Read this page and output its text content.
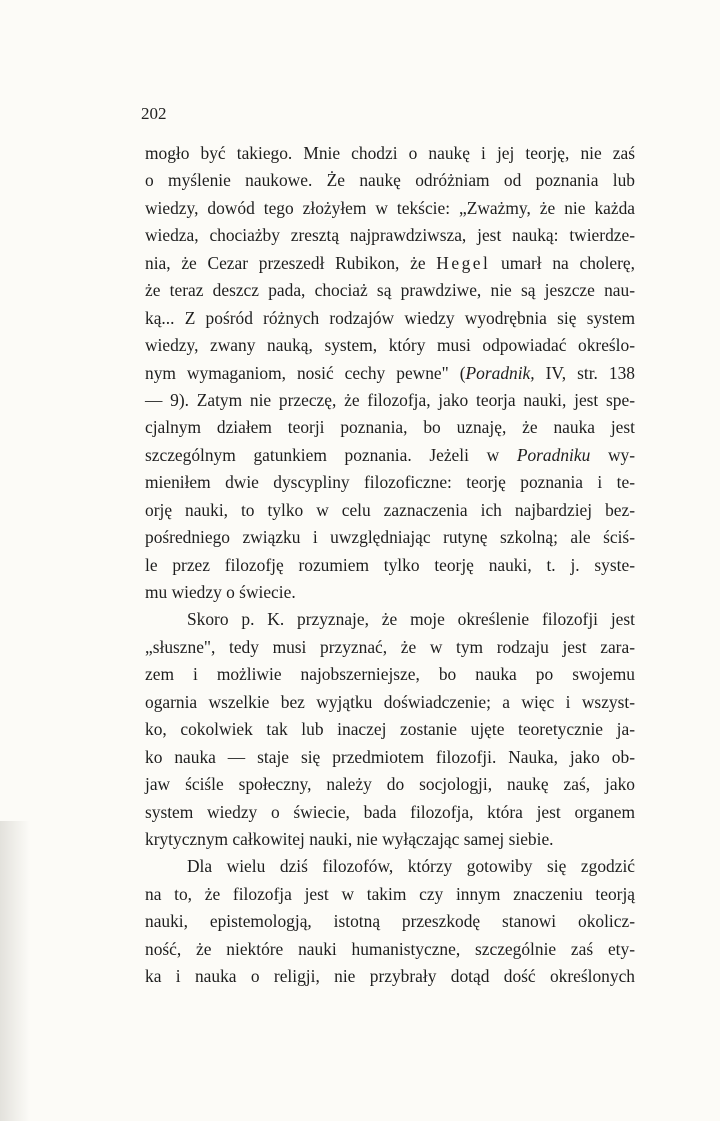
202
mogło być takiego. Mnie chodzi o naukę i jej teorję, nie zaś
o myślenie naukowe. Że naukę odróżniam od poznania lub
wiedzy, dowód tego złożyłem w tekście: „Zważmy, że nie każda
wiedza, chociażby zresztą najprawdziwsza, jest nauką: twierdze-
nia, że Cezar przeszedł Rubikon, że Hegel umarł na cholerę,
że teraz deszcz pada, chociaż są prawdziwe, nie są jeszcze nau-
ką... Z pośród różnych rodzajów wiedzy wyodrębnia się system
wiedzy, zwany nauką, system, który musi odpowiadać określo-
nym wymaganiom, nosić cechy pewne" (Poradnik, IV, str. 138
— 9). Zatym nie przeczę, że filozofja, jako teorja nauki, jest spe-
cjalnym działem teorji poznania, bo uznaję, że nauka jest
szczególnym gatunkiem poznania. Jeżeli w Poradniku wy-
mieniłem dwie dyscypliny filozoficzne: teorję poznania i te-
orję nauki, to tylko w celu zaznaczenia ich najbardziej bez-
pośredniego związku i uwzględniając rutynę szkolną; ale ściś-
le przez filozofję rozumiem tylko teorję nauki, t. j. syste-
mu wiedzy o świecie.
Skoro p. K. przyznaje, że moje określenie filozofji jest
„słuszne", tedy musi przyznać, że w tym rodzaju jest zara-
zem i możliwie najobszerniejsze, bo nauka po swojemu
ogarnia wszelkie bez wyjątku doświadczenie; a więc i wszyst-
ko, cokolwiek tak lub inaczej zostanie ujęte teoretycznie ja-
ko nauka — staje się przedmiotem filozofji. Nauka, jako ob-
jaw ściśle społeczny, należy do socjologji, naukę zaś, jako
system wiedzy o świecie, bada filozofja, która jest organem
krytycznym całkowitej nauki, nie wyłączając samej siebie.
Dla wielu dziś filozofów, którzy gotowiby się zgodzić
na to, że filozofja jest w takim czy innym znaczeniu teorją
nauki, epistemologją, istotną przeszkodę stanowi okolicz-
ność, że niektóre nauki humanistyczne, szczególnie zaś ety-
ka i nauka o religji, nie przybrały dotąd dość określonych
